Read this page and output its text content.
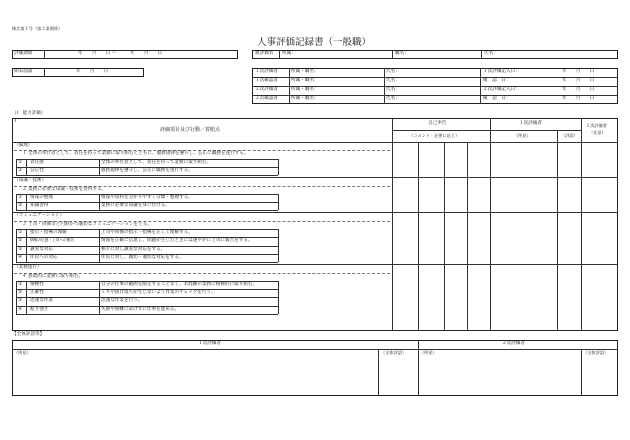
様式第１号（第２条関係）
人事評価記録書（一般職）
評価期間	年　　月　　日 〜　　　年　　月　　日
期末面談	年　　月　　日
被評価者 所属：	職名：	氏名：
１次評価者	所属・職名：	氏名：	１次評価記入日：	年　　月　　日
１次確認者	所属・職名：	氏名：	確　認　日：	年　　月　　日
２次評価者	所属・職名：	氏名：	２次評価記入日：	年　　月　　日
２次確認者	所属・職名：	氏名：	確　認　日：	年　　月　　日
（Ⅰ　能力評価）
Ⅰ
評価項目及び行動／着眼点
自己申告
（コメント：必要に応じ）
１次評価者
（所見）	（評語）
２次評価者
（任意）
（倫理）
１ 全体の奉仕者として、責任を持って業務に取り組むとともに、服務規律を遵守し、公正に職務を遂行する。
① 責任感	全体の奉仕者として、責任を持って業務に取り組む。
② 公正性	服務規律を遵守し、公正に職務を遂行する。
（知識・技術）
２ 業務に必要な知識・技術を習得する。
① 情報の整理	情報や資料を分かりやすく分類・整理する。
② 知識習得	業務に必要な知識を身に付ける。
（コミュニケーション）
３ 上司・同僚等と円滑かつ適切なコミュニケーションをとる。
① 指示・指導の理解	上司や同僚の指示・指導を正しく理解する。
② 情報の伝達・上司への報告	情報を正確に伝達し、問題が生じたときには速やかに上司に報告をする。
③ 誠実な対応	相手に対し誠実な対応をする。
④ 住民への対応	住民に対し、親切・適切な対応をする。
（業務遂行）
４ 意欲的に業務に取り組む。
① 積極性	自分の仕事の範囲を限定することなく、未経験の業務に積極的に取り組む。
② 正確性	ミスや抜け落ちが生じないよう作業のチェックを行う。
③ 迅速な作業	迅速な作業を行う。
④ 粘り強さ	失敗や困難にめげずに仕事を進める。
【全体評語等】
１次評価者	２次評価者
（所見）	（全体評語）	（所見）	（全体評語）
